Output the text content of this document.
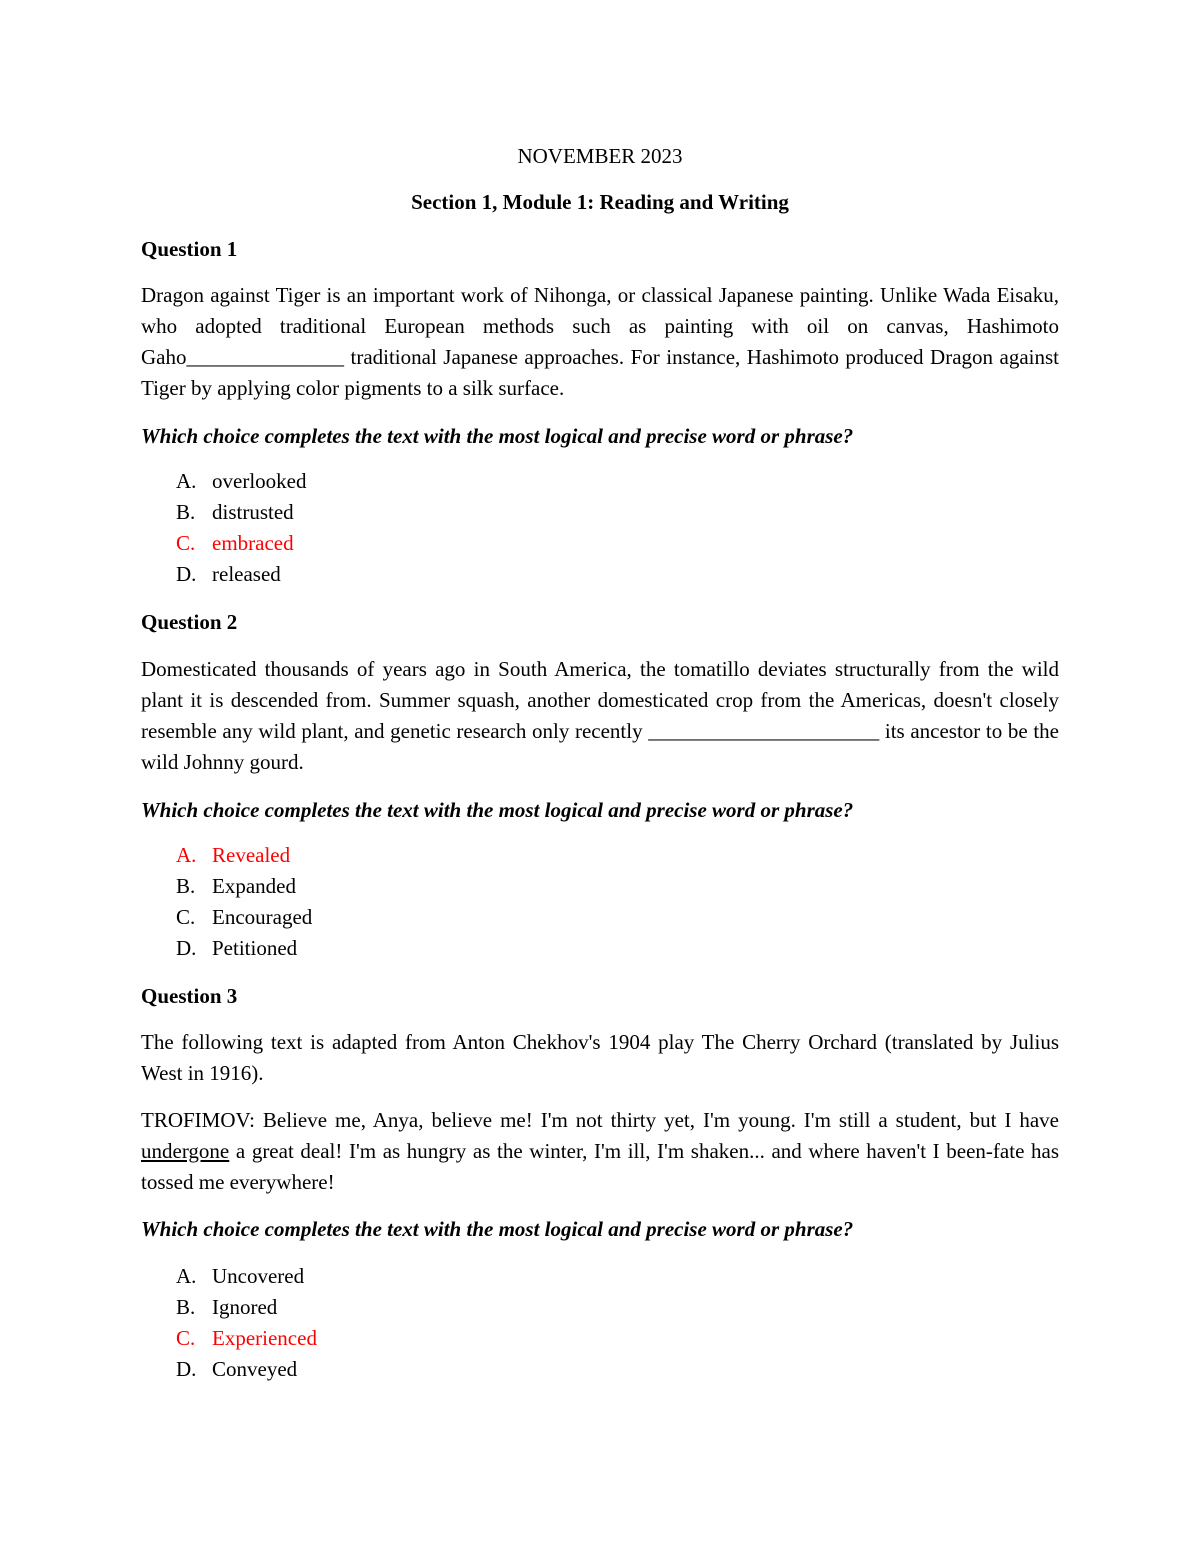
NOVEMBER 2023
Section 1, Module 1: Reading and Writing
Question 1
Dragon against Tiger is an important work of Nihonga, or classical Japanese painting. Unlike Wada Eisaku, who adopted traditional European methods such as painting with oil on canvas, Hashimoto Gaho_______________ traditional Japanese approaches. For instance, Hashimoto produced Dragon against Tiger by applying color pigments to a silk surface.
Which choice completes the text with the most logical and precise word or phrase?
A. overlooked
B. distrusted
C. embraced
D. released
Question 2
Domesticated thousands of years ago in South America, the tomatillo deviates structurally from the wild plant it is descended from. Summer squash, another domesticated crop from the Americas, doesn't closely resemble any wild plant, and genetic research only recently ______________________ its ancestor to be the wild Johnny gourd.
Which choice completes the text with the most logical and precise word or phrase?
A. Revealed
B. Expanded
C. Encouraged
D. Petitioned
Question 3
The following text is adapted from Anton Chekhov's 1904 play The Cherry Orchard (translated by Julius West in 1916).
TROFIMOV: Believe me, Anya, believe me! I'm not thirty yet, I'm young. I'm still a student, but I have undergone a great deal! I'm as hungry as the winter, I'm ill, I'm shaken... and where haven't I been-fate has tossed me everywhere!
Which choice completes the text with the most logical and precise word or phrase?
A. Uncovered
B. Ignored
C. Experienced
D. Conveyed
